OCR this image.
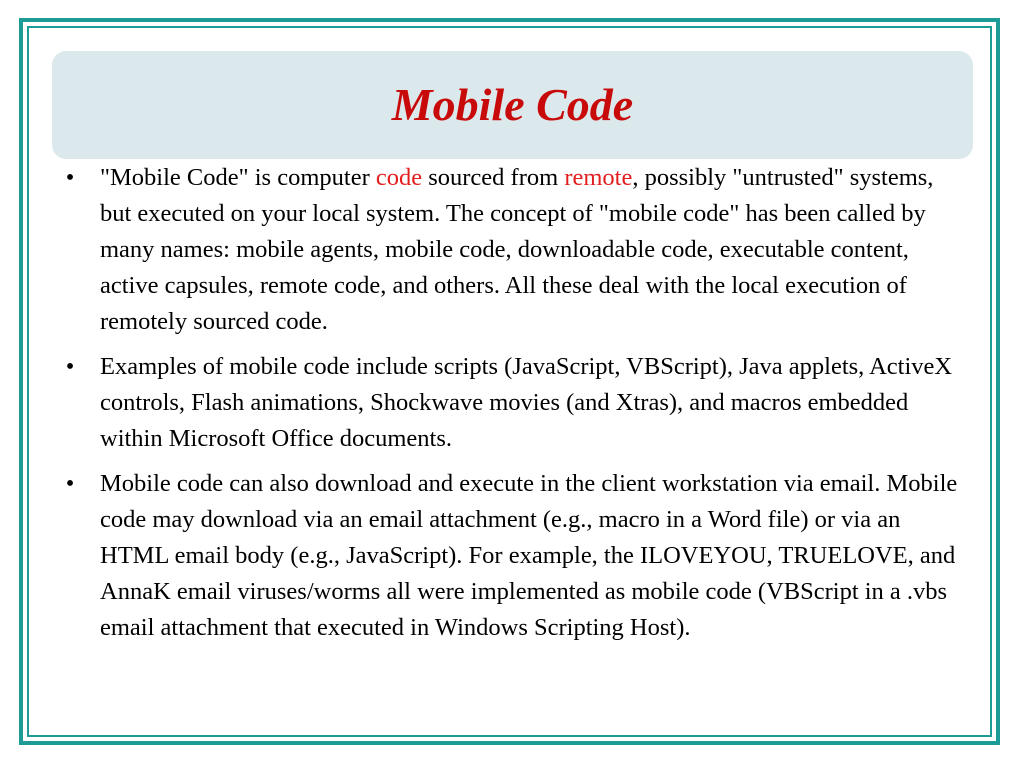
Mobile Code
• "Mobile Code" is computer code sourced from remote, possibly "untrusted" systems, but executed on your local system. The concept of "mobile code" has been called by many names: mobile agents, mobile code, downloadable code, executable content, active capsules, remote code, and others. All these deal with the local execution of remotely sourced code.
• Examples of mobile code include scripts (JavaScript, VBScript), Java applets, ActiveX controls, Flash animations, Shockwave movies (and Xtras), and macros embedded within Microsoft Office documents.
• Mobile code can also download and execute in the client workstation via email. Mobile code may download via an email attachment (e.g., macro in a Word file) or via an HTML email body (e.g., JavaScript). For example, the ILOVEYOU, TRUELOVE, and AnnaK email viruses/worms all were implemented as mobile code (VBScript in a .vbs email attachment that executed in Windows Scripting Host).
